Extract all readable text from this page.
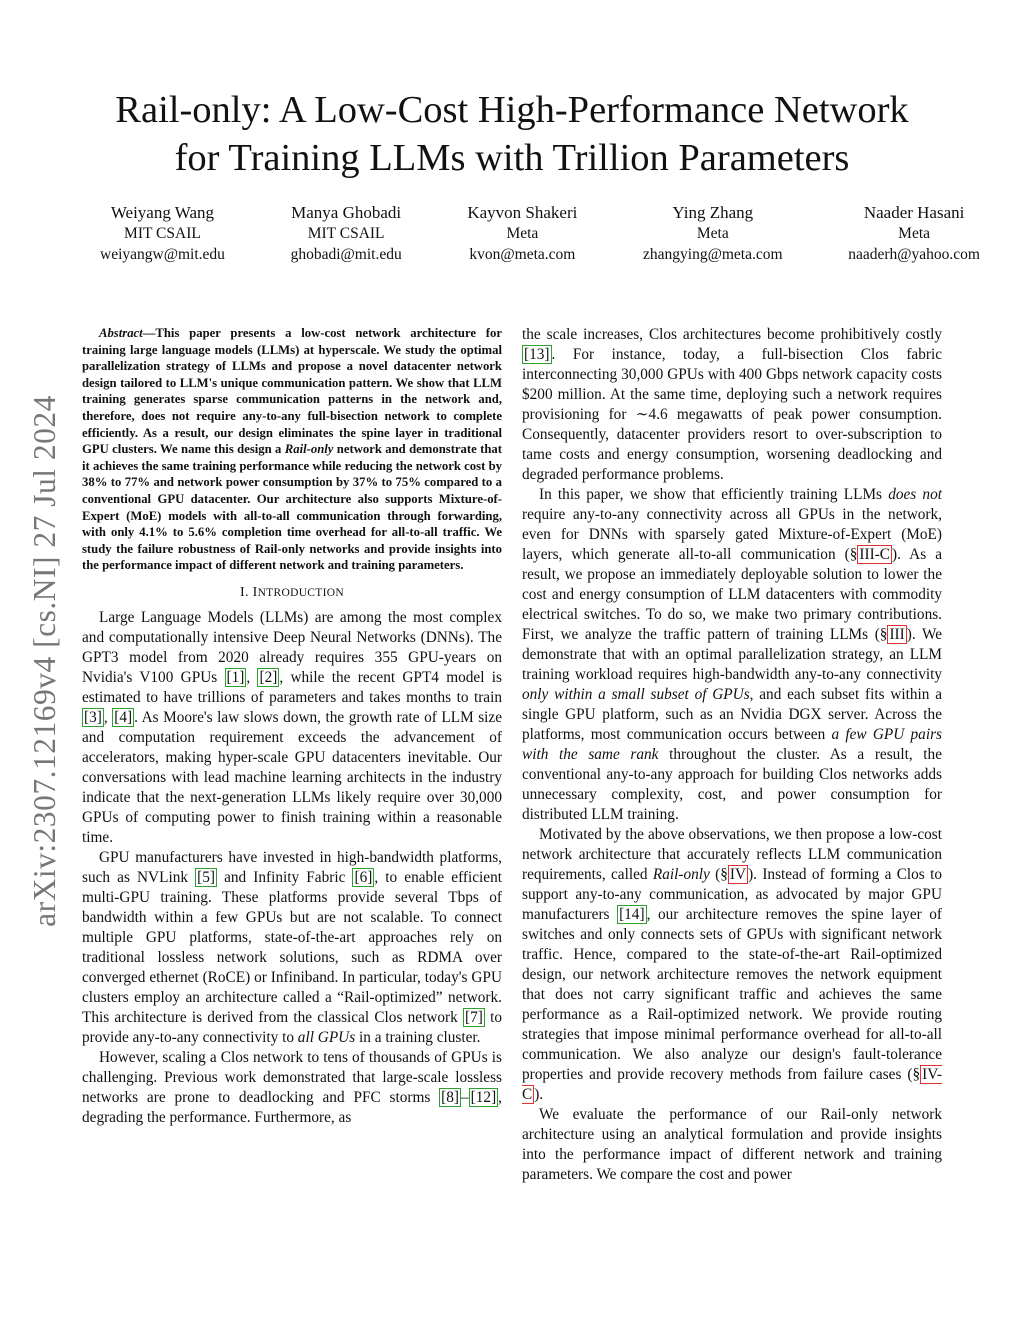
arXiv:2307.12169v4 [cs.NI] 27 Jul 2024
Rail-only: A Low-Cost High-Performance Network
for Training LLMs with Trillion Parameters
Weiyang Wang
MIT CSAIL
weiyangw@mit.edu
Manya Ghobadi
MIT CSAIL
ghobadi@mit.edu
Kayvon Shakeri
Meta
kvon@meta.com
Ying Zhang
Meta
zhangying@meta.com
Naader Hasani
Meta
naaderh@yahoo.com

Abstract—This paper presents a low-cost network architecture for training large language models (LLMs) at hyperscale. We study the optimal parallelization strategy of LLMs and propose a novel datacenter network design tailored to LLM's unique communication pattern. We show that LLM training generates sparse communication patterns in the network and, therefore, does not require any-to-any full-bisection network to complete efficiently. As a result, our design eliminates the spine layer in traditional GPU clusters. We name this design a Rail-only network and demonstrate that it achieves the same training performance while reducing the network cost by 38% to 77% and network power consumption by 37% to 75% compared to a conventional GPU datacenter. Our architecture also supports Mixture-of-Expert (MoE) models with all-to-all communication through forwarding, with only 4.1% to 5.6% completion time overhead for all-to-all traffic. We study the failure robustness of Rail-only networks and provide insights into the performance impact of different network and training parameters.

I. INTRODUCTION

Large Language Models (LLMs) are among the most complex and computationally intensive Deep Neural Networks (DNNs). The GPT3 model from 2020 already requires 355 GPU-years on Nvidia's V100 GPUs [1] , [2] , while the recent GPT4 model is estimated to have trillions of parameters and takes months to train [3] , [4] . As Moore's law slows down, the growth rate of LLM size and computation requirement exceeds the advancement of accelerators, making hyper-scale GPU datacenters inevitable. Our conversations with lead machine learning architects in the industry indicate that the next-generation LLMs likely require over 30,000 GPUs of computing power to finish training within a reasonable time.

GPU manufacturers have invested in high-bandwidth platforms, such as NVLink [5] and Infinity Fabric [6] , to enable efficient multi-GPU training. These platforms provide several Tbps of bandwidth within a few GPUs but are not scalable. To connect multiple GPU platforms, state-of-the-art approaches rely on traditional lossless network solutions, such as RDMA over converged ethernet (RoCE) or Infiniband. In particular, today's GPU clusters employ an architecture called a “Rail-optimized” network. This architecture is derived from the classical Clos network [7] to provide any-to-any connectivity to all GPUs in a training cluster.

However, scaling a Clos network to tens of thousands of GPUs is challenging. Previous work demonstrated that large-scale lossless networks are prone to deadlocking and PFC storms [8] – [12] , degrading the performance. Furthermore, as

the scale increases, Clos architectures become prohibitively costly [13] . For instance, today, a full-bisection Clos fabric interconnecting 30,000 GPUs with 400 Gbps network capacity costs $200 million. At the same time, deploying such a network requires provisioning for ∼4.6 megawatts of peak power consumption. Consequently, datacenter providers resort to over-subscription to tame costs and energy consumption, worsening deadlocking and degraded performance problems.

In this paper, we show that efficiently training LLMs does not require any-to-any connectivity across all GPUs in the network, even for DNNs with sparsely gated Mixture-of-Expert (MoE) layers, which generate all-to-all communication (§ III-C ). As a result, we propose an immediately deployable solution to lower the cost and energy consumption of LLM datacenters with commodity electrical switches. To do so, we make two primary contributions. First, we analyze the traffic pattern of training LLMs (§ III ). We demonstrate that with an optimal parallelization strategy, an LLM training workload requires high-bandwidth any-to-any connectivity only within a small subset of GPUs, and each subset fits within a single GPU platform, such as an Nvidia DGX server. Across the platforms, most communication occurs between a few GPU pairs with the same rank throughout the cluster. As a result, the conventional any-to-any approach for building Clos networks adds unnecessary complexity, cost, and power consumption for distributed LLM training.

Motivated by the above observations, we then propose a low-cost network architecture that accurately reflects LLM communication requirements, called Rail-only (§ IV ). Instead of forming a Clos to support any-to-any communication, as advocated by major GPU manufacturers [14] , our architecture removes the spine layer of switches and only connects sets of GPUs with significant network traffic. Hence, compared to the state-of-the-art Rail-optimized design, our network architecture removes the network equipment that does not carry significant traffic and achieves the same performance as a Rail-optimized network. We provide routing strategies that impose minimal performance overhead for all-to-all communication. We also analyze our design's fault-tolerance properties and provide recovery methods from failure cases (§ IV-C ).

We evaluate the performance of our Rail-only network architecture using an analytical formulation and provide insights into the performance impact of different network and training parameters. We compare the cost and power
